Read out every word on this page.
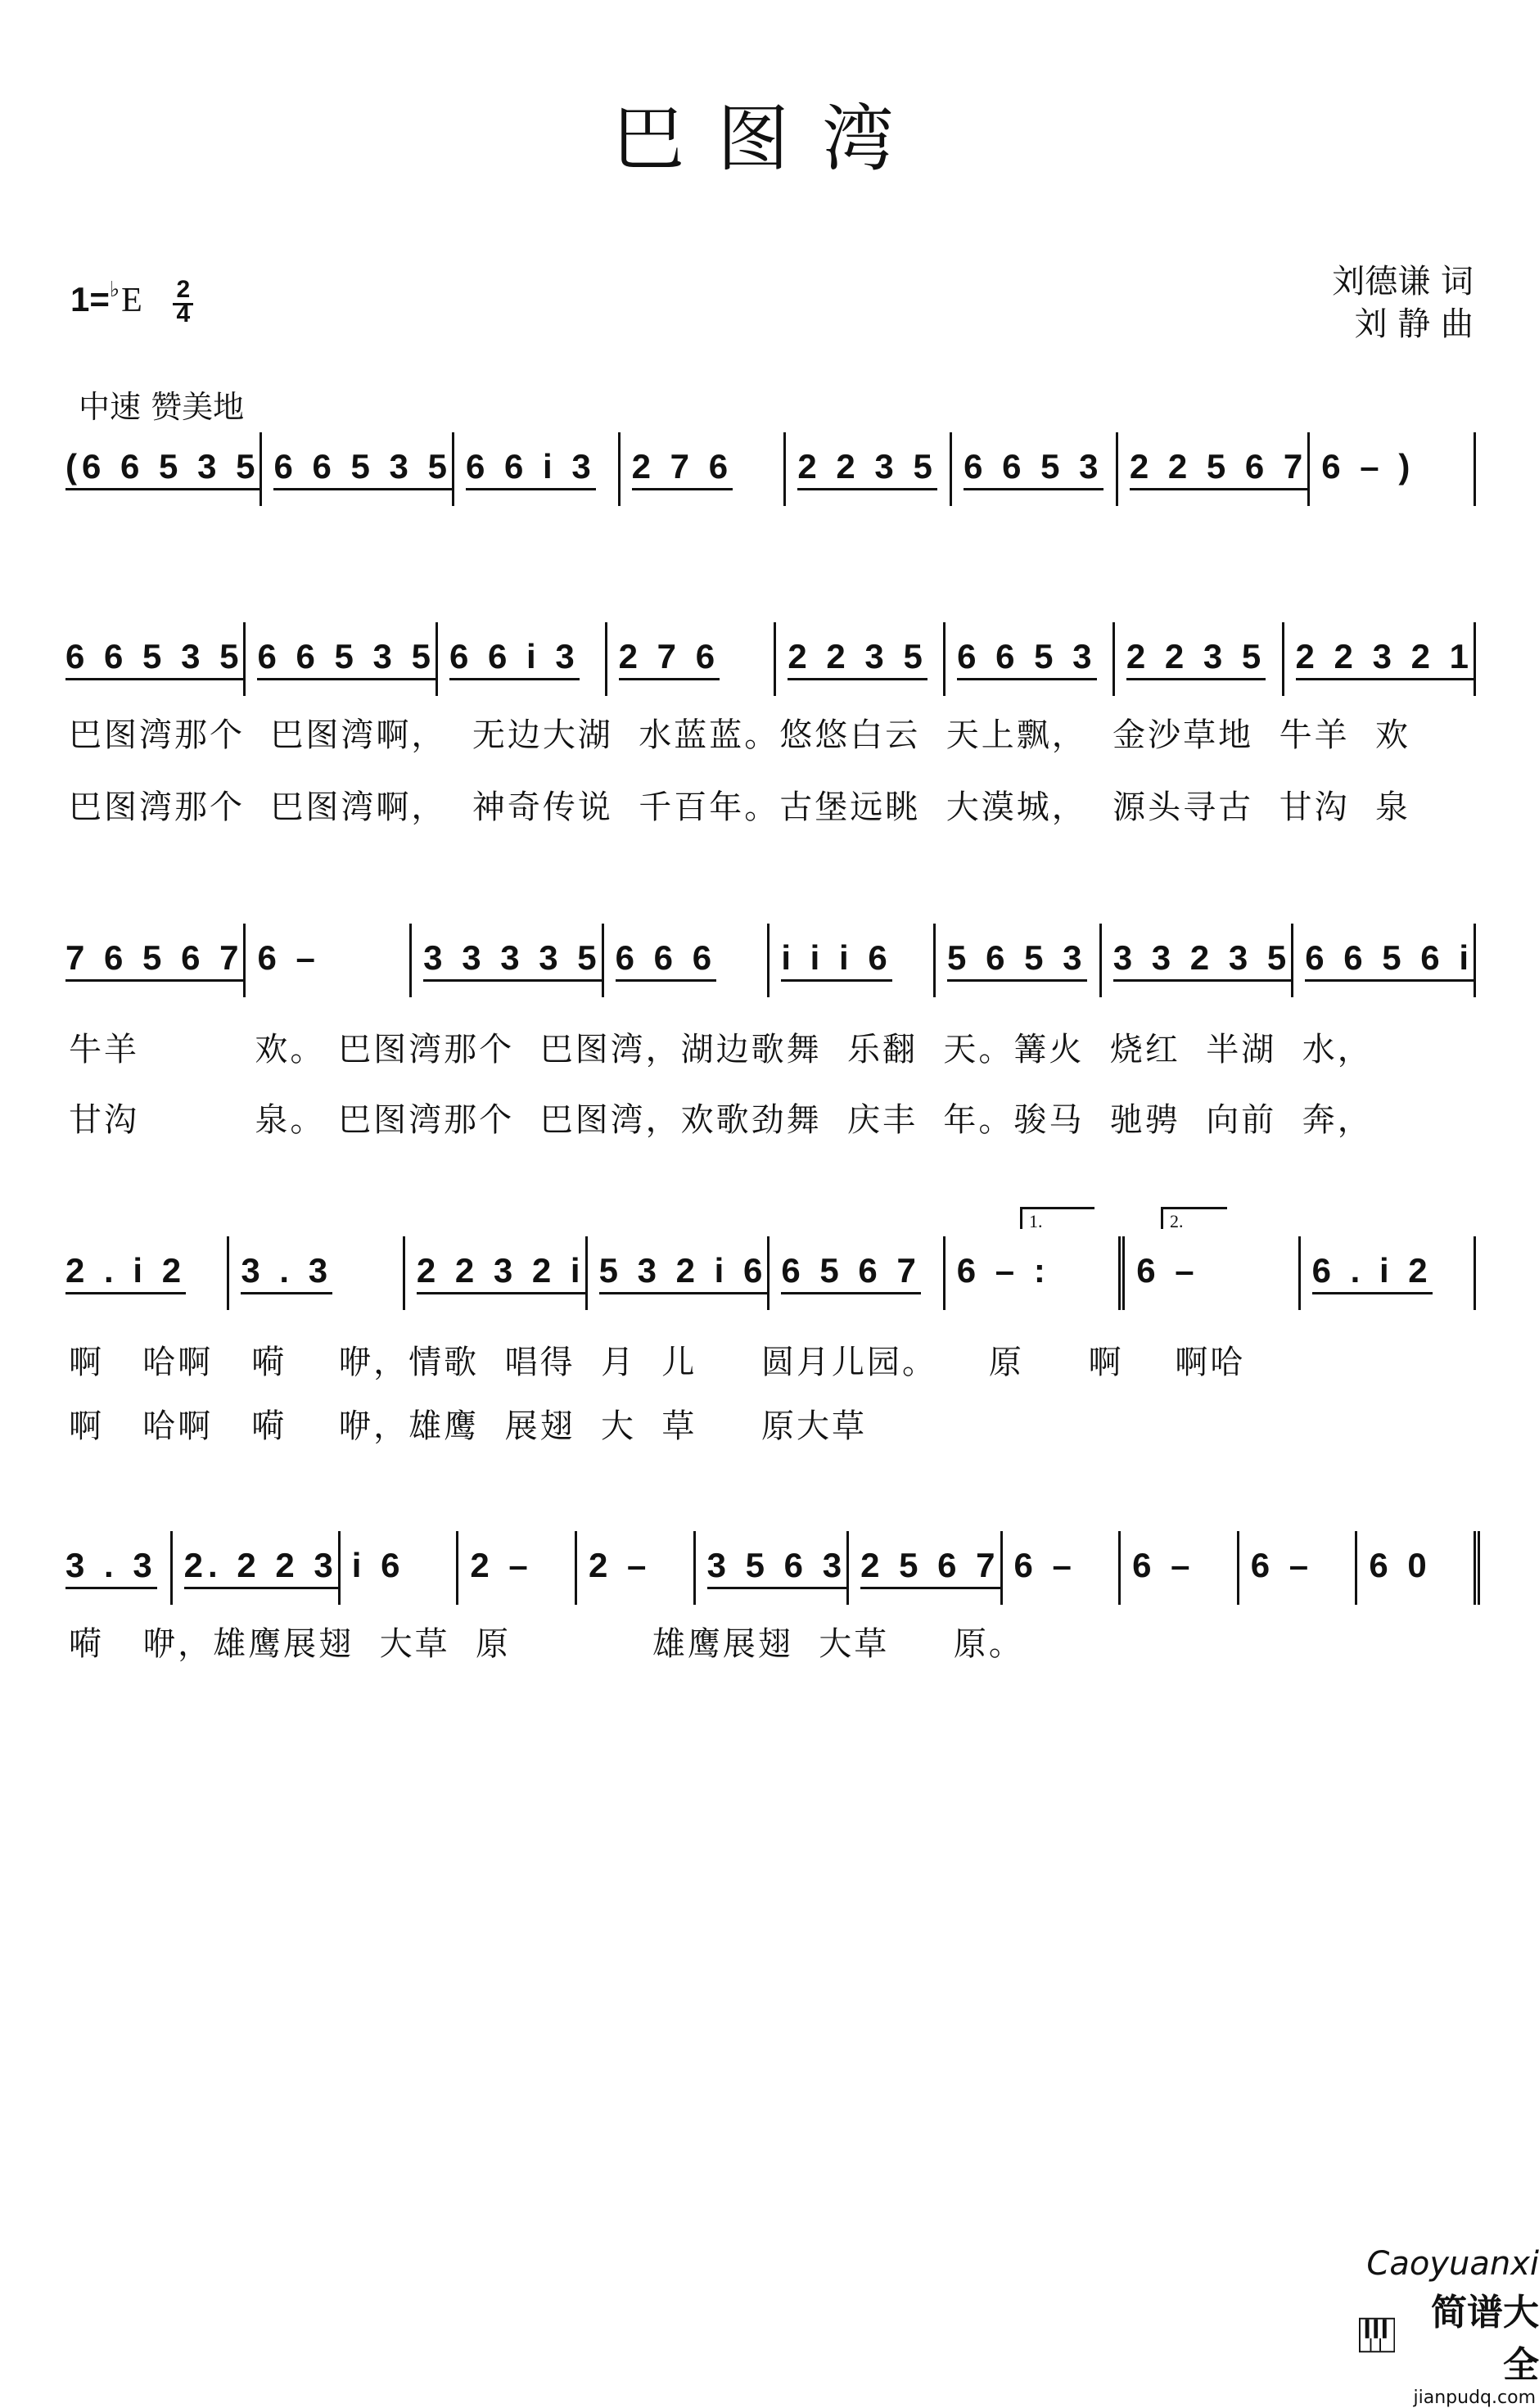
巴图湾
$1=^♭E \frac{2}{4}$	刘德谦 词
刘 静 曲
中速 赞美地
(6 6 5 3 5 6 6 5 3 5 6 6 i 3	2 7 6	2 2 3 5 6 6 5 3 2 2 5 6 7 6 – )
6 6 5 3 5 6 6 5 3 5 6 6 i 3	2 7 6	2 2 3 5 6 6 5 3 2 2 3 5 2 2 3 2 1
巴图湾那个  巴图湾啊，  无边大湖  水蓝蓝。悠悠白云  天上飘，  金沙草地  牛羊  欢
巴图湾那个  巴图湾啊，  神奇传说  千百年。古堡远眺  大漠城，  源头寻古  甘沟  泉
7 6 5 6 7 6 –	3 3 3 3 5 6 6 6	i i i 6	5 6 5 3 3 3 2 3 5 6 6 5 6 i
牛羊         欢。 巴图湾那个  巴图湾，湖边歌舞  乐翻  天。篝火  烧红  半湖  水，
甘沟         泉。 巴图湾那个  巴图湾，欢歌劲舞  庆丰  年。骏马  驰骋  向前  奔，
1.	2.
2 . i 2	3 . 3	2 2 3 2 i 5 3 2 i 6 6 5 6 7	6 – :	6 –	6 . i 2
啊   哈啊   嗬    咿，情歌  唱得  月  儿     圆月儿园。    原     啊    啊哈
啊   哈啊   嗬    咿，雄鹰  展翅  大  草     原大草
3 . 3 2. 2 2 3 i 6	2 –	2 –	3 5 6 3 2 5 6 7 6 –	6 –	6 –	6 0
嗬   咿，雄鹰展翅  大草  原           雄鹰展翅  大草     原。
Caoyuanxi
简谱大全
jianpudq.com
